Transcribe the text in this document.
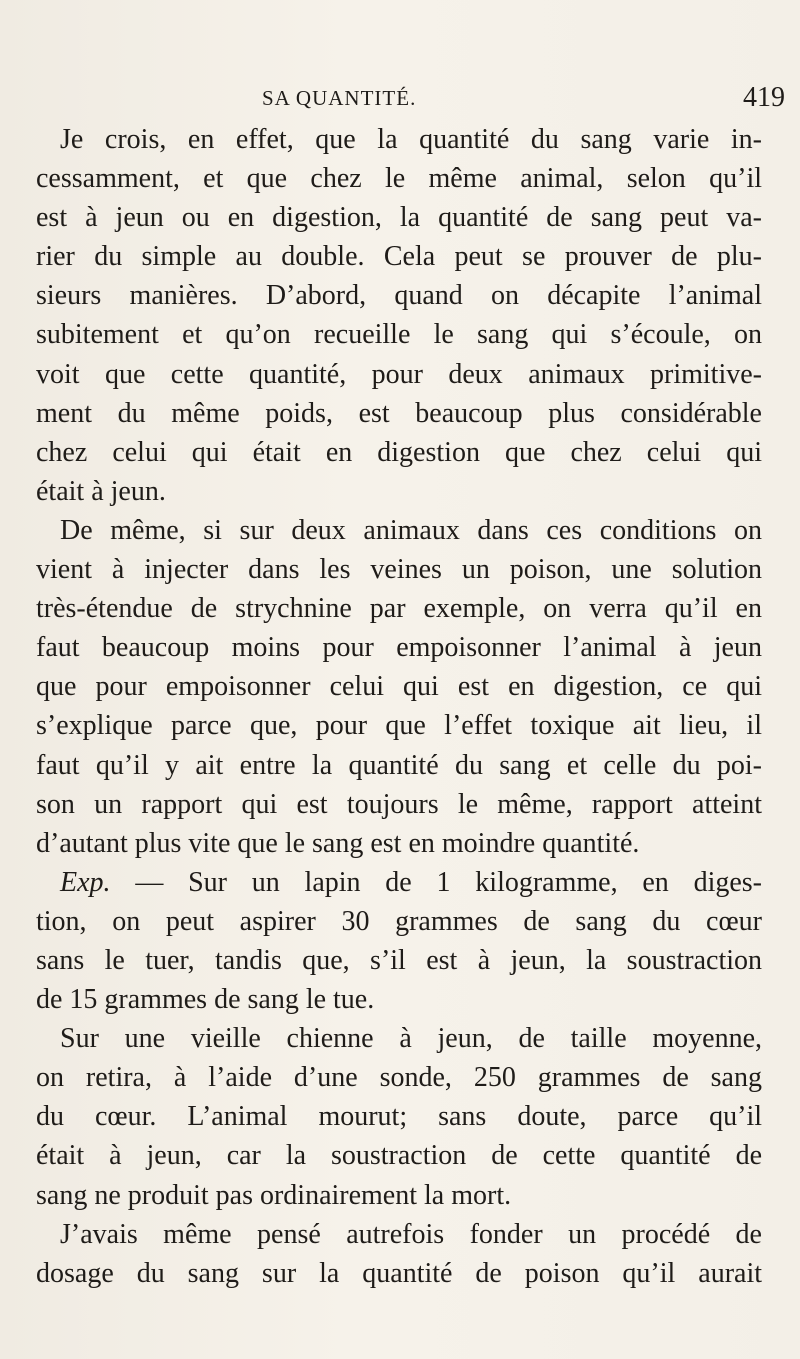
SA QUANTITÉ.	419
Je crois, en effet, que la quantité du sang varie in-
cessamment, et que chez le même animal, selon qu’il
est à jeun ou en digestion, la quantité de sang peut va-
rier du simple au double. Cela peut se prouver de plu-
sieurs manières. D’abord, quand on décapite l’animal
subitement et qu’on recueille le sang qui s’écoule, on
voit que cette quantité, pour deux animaux primitive-
ment du même poids, est beaucoup plus considérable
chez celui qui était en digestion que chez celui qui
était à jeun.
De même, si sur deux animaux dans ces conditions on
vient à injecter dans les veines un poison, une solution
très-étendue de strychnine par exemple, on verra qu’il en
faut beaucoup moins pour empoisonner l’animal à jeun
que pour empoisonner celui qui est en digestion, ce qui
s’explique parce que, pour que l’effet toxique ait lieu, il
faut qu’il y ait entre la quantité du sang et celle du poi-
son un rapport qui est toujours le même, rapport atteint
d’autant plus vite que le sang est en moindre quantité.
Exp. — Sur un lapin de 1 kilogramme, en diges-
tion, on peut aspirer 30 grammes de sang du cœur
sans le tuer, tandis que, s’il est à jeun, la soustraction
de 15 grammes de sang le tue.
Sur une vieille chienne à jeun, de taille moyenne,
on retira, à l’aide d’une sonde, 250 grammes de sang
du cœur. L’animal mourut; sans doute, parce qu’il
était à jeun, car la soustraction de cette quantité de
sang ne produit pas ordinairement la mort.
J’avais même pensé autrefois fonder un procédé de
dosage du sang sur la quantité de poison qu’il aurait
